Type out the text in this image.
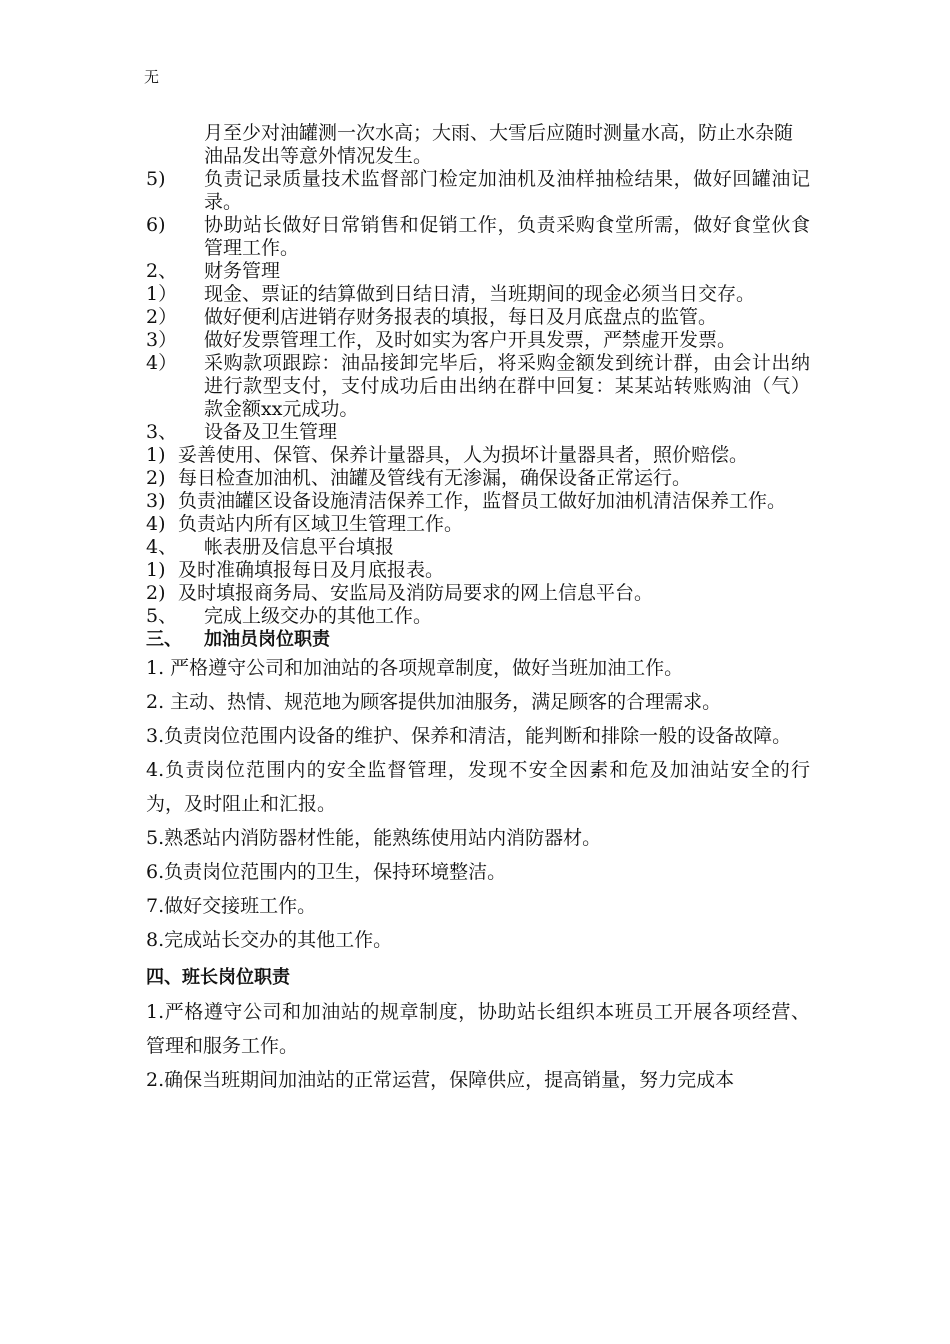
无
月至少对油罐测一次水高；大雨、大雪后应随时测量水高，防止水杂随油品发出等意外情况发生。
5)	负责记录质量技术监督部门检定加油机及油样抽检结果，做好回罐油记录。
6)	协助站长做好日常销售和促销工作，负责采购食堂所需，做好食堂伙食管理工作。
2、	财务管理
1）	现金、票证的结算做到日结日清，当班期间的现金必须当日交存。
2）	做好便利店进销存财务报表的填报，每日及月底盘点的监管。
3）	做好发票管理工作，及时如实为客户开具发票，严禁虚开发票。
4）	采购款项跟踪：油品接卸完毕后，将采购金额发到统计群，由会计出纳进行款型支付，支付成功后由出纳在群中回复：某某站转账购油（气）款金额xx元成功。
3、	设备及卫生管理
1) 妥善使用、保管、保养计量器具，人为损坏计量器具者，照价赔偿。
2) 每日检查加油机、油罐及管线有无渗漏，确保设备正常运行。
3) 负责油罐区设备设施清洁保养工作，监督员工做好加油机清洁保养工作。
4) 负责站内所有区域卫生管理工作。
4、	帐表册及信息平台填报
1) 及时准确填报每日及月底报表。
2) 及时填报商务局、安监局及消防局要求的网上信息平台。
5、	完成上级交办的其他工作。
三、	加油员岗位职责
1. 严格遵守公司和加油站的各项规章制度，做好当班加油工作。
2. 主动、热情、规范地为顾客提供加油服务，满足顾客的合理需求。
3.负责岗位范围内设备的维护、保养和清洁，能判断和排除一般的设备故障。
4.负责岗位范围内的安全监督管理，发现不安全因素和危及加油站安全的行为，及时阻止和汇报。
5.熟悉站内消防器材性能，能熟练使用站内消防器材。
6.负责岗位范围内的卫生，保持环境整洁。
7.做好交接班工作。
8.完成站长交办的其他工作。
四、班长岗位职责
1.严格遵守公司和加油站的规章制度，协助站长组织本班员工开展各项经营、管理和服务工作。
2.确保当班期间加油站的正常运营，保障供应，提高销量，努力完成本
